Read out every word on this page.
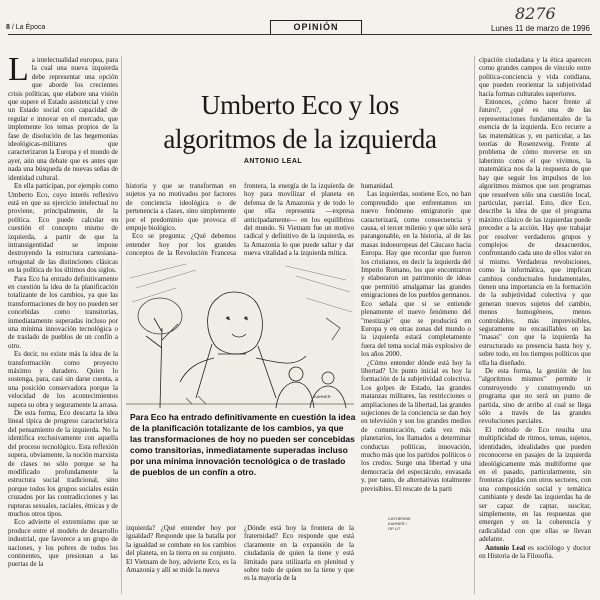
8276
8 / La Época	OPINIÓN	Lunes 11 de marzo de 1996
Umberto Eco y los
algoritmos de la izquierda
ANTONIO LEAL

La intelectualidad europea, para la cual una nueva izquierda debe representar una opción que aborde los crecientes crisis políticas, que elabore una visión que supere el Estado asistencial y cree un Estado social con capacidad de regular e innovar en el mercado, que implemente los temas propios de la fase de disolución de las hegemonías ideológicas-militares que caracterizaron la Europa y el mundo de ayer, aún una debate que es antes que nada una búsqueda de nuevas señas de identidad cultural.

En ella participan, por ejemplo como Umberto Eco, cuyo interés reflexivo está en que su ejercicio intelectual no proviene, principalmente, de la política. Eco puede calcular en cuestión el concepto mismo de izquierda, a partir de que la intransigentidad se impone destruyendo la estructura cartesiana-ortogonal de las distinciones clásicas en la política de los últimos dos siglos.

Para Eco ha entrado definitivamente en cuestión la idea de la planificación totalizante de los cambios, ya que las transformaciones de hoy no pueden ser concebidas como transitorias, inmediatamente superadas incluso por una mínima innovación tecnológica o de traslado de pueblos de un confín a otro.

Es decir, no existe más la idea de la transformación como proyecto máximo y duradero. Quien lo sostenga, para, casi sin darse cuenta, a una posición conservadora porque la velocidad de los acontecimientos supera su obra y seguramente la arrasa.

De esta forma, Eco descarta la idea lineal típica de progreso característica del pensamiento de la izquierda. No la identifica exclusivamente con aquella del proceso tecnológico. Esta reflexión supera, obviamente, la noción marxista de clases no sólo porque se ha modificado profundamente la estructura social tradicional, sino porque todos los grupos sociales están cruzados por las contradicciones y las rupturas sexuales, raciales, étnicas y de muchos otros tipos.

Eco advierte el extremismo que se produce entre el modelo de desarrollo industrial, que favorece a un grupo de naciones, y los pobres de todos los continentes, que presionan a las puertas de la

historia y que se transforman en sujetos ya no motivados por factores de conciencia ideológica o de pertenencia a clases, sino simplemente por el predominio que provoca el empuje biológico.

Eco se pregunta: ¿Qué debemos entender hoy por los grandes conceptos de la Revolución Francesa

frontera, la energía de la izquierda de hoy para movilizar el planeta en defensa de la Amazonia y de todo lo que ella representa —expresa anticipadamente— en los equilibrios del mundo. Si Vietnam fue un motivo radical y definitivo de la izquierda, es la Amazonia lo que puede saltar y dar nueva vitalidad a la izquierda mítica.

CATHERINE KAHNER / OP-UT
KAHNER
Para Eco ha entrado definitivamente en cuestión la idea de la planificación totalizante de los cambios, ya que las transformaciones de hoy no pueden ser concebidas como transitorias, inmediatamente superadas incluso por una mínima innovación tecnológica o de traslado de pueblos de un confín a otro.

izquierda? ¿Qué entender hoy por igualdad? Responde que la batalla por la igualdad se combate en los cambios del planeta, en la tierra en su conjunto. El Vietnam de hoy, advierte Eco, es la Amazonia y allí se mide la nueva

¿Dónde está hoy la frontera de la fraternidad? Eco responde que está claramente en la expansión de la ciudadanía de quien la tiene y está limitado para utilizarla en plenitud y sobre todo de quien no la tiene y que es la mayoría de la

humanidad.

Las izquierdas, sostiene Eco, no han comprendido que enfrentamos un nuevo fenómeno emigratorio que caracterizará, como consecuencia y causa, el tercer milenio y que sólo será parangonable, en la historia, al de las masas indoeuropeas del Cáucaso hacia Europa. Hay que recordar que fueron los cristianos, en decir la izquierda del Imperio Romano, los que encontraron y elaboraron un patrimonio de ideas que permitió amalgamar las grandes emigraciones de los pueblos germanos. Eco señala que si se entiende plenamente el nuevo fenómeno del "mestizaje" que se producirá en Europa y en otras zonas del mundo o la izquierda estará completamente fuera del tema social más explosivo de los años 2000.

¿Cómo entender dónde está hoy la libertad? Un punto inicial es hoy la formación de la subjetividad colectiva. Los golpes de Estado, las grandes matanzas militares, las restricciones o ampliaciones de la libertad, las grandes sujeciones de la conciencia se dan hoy en televisión y son los grandes medios de comunicación, cada vez más planetarios, los llamados a determinar conductas políticas, innovación, mucho más que los partidos políticos o los credos. Surge una libertad y una democracia del espectáculo, envasada y, por tanto, de alternativas totalmente previsibles. El rescate de la parti

cipación ciudadana y la ética aparecen como grandes campos de vínculo entre política-conciencia y vida cotidiana, que pueden reorientar la subjetividad hacia formas culturales superiores.

Entonces, ¿cómo hacer frente al futuro?, ¿qué es una de las representaciones fundamentales de la esencia de la izquierda. Eco recurre a las matemáticas y, en particular, a las teorías de Rosenzweig. Frente al problema de cómo moverse en un laberinto como el que vivimos, la matemática nos da la respuesta de que hay que seguir los impulsos de los algoritmos mismos que son programas que resuelven sólo una cuestión local, particular, parcial. Esto, dice Eco, describe la idea de que el programa máximo clásico de las izquierdas puede preceder a la acción. Hay que trabajar por resolver verdaderos grupos y complejos de desacuerdos, confrontando cada uno de ellos valor en sí mismo. Verdaderas revoluciones, como la informática, que implican cambios conductuales fundamentales, tienen una importancia en la formación de la subjetividad colectiva y que generan nuevos sujetos del cambio, menos homogéneos, menos controlables, más imprevisibles, seguramente no encasillables en las "masas" con que la izquierda ha estructurado su presencia hasta hoy y, sobre todo, en los tiempos políticos que ella ha diseñado.

De esta forma, la gestión de los "algoritmos mismos" permite ir construyendo y construyendo un programa que no será un punto de partida, sino de arribo al cual se llega sólo a través de las grandes revoluciones parciales.

El método de Eco resulta una multiplicidad de ritmos, temas, sujetos, identidades, idealidades que pueden reconocerse en pasajes de la izquierda ideológicamente más multiforme que en el pasado, particularmente, sin fronteras rígidas con otros sectores, con una composición social y temática cambiante y desde las izquierdas ha de ser capaz de captar, suscitar, simplemente, en las respuestas que emergen y en la coherencia y radicalidad con que ellas se llevan adelante.

Antonio Leal es sociólogo y doctor en Historia de la Filosofía.
